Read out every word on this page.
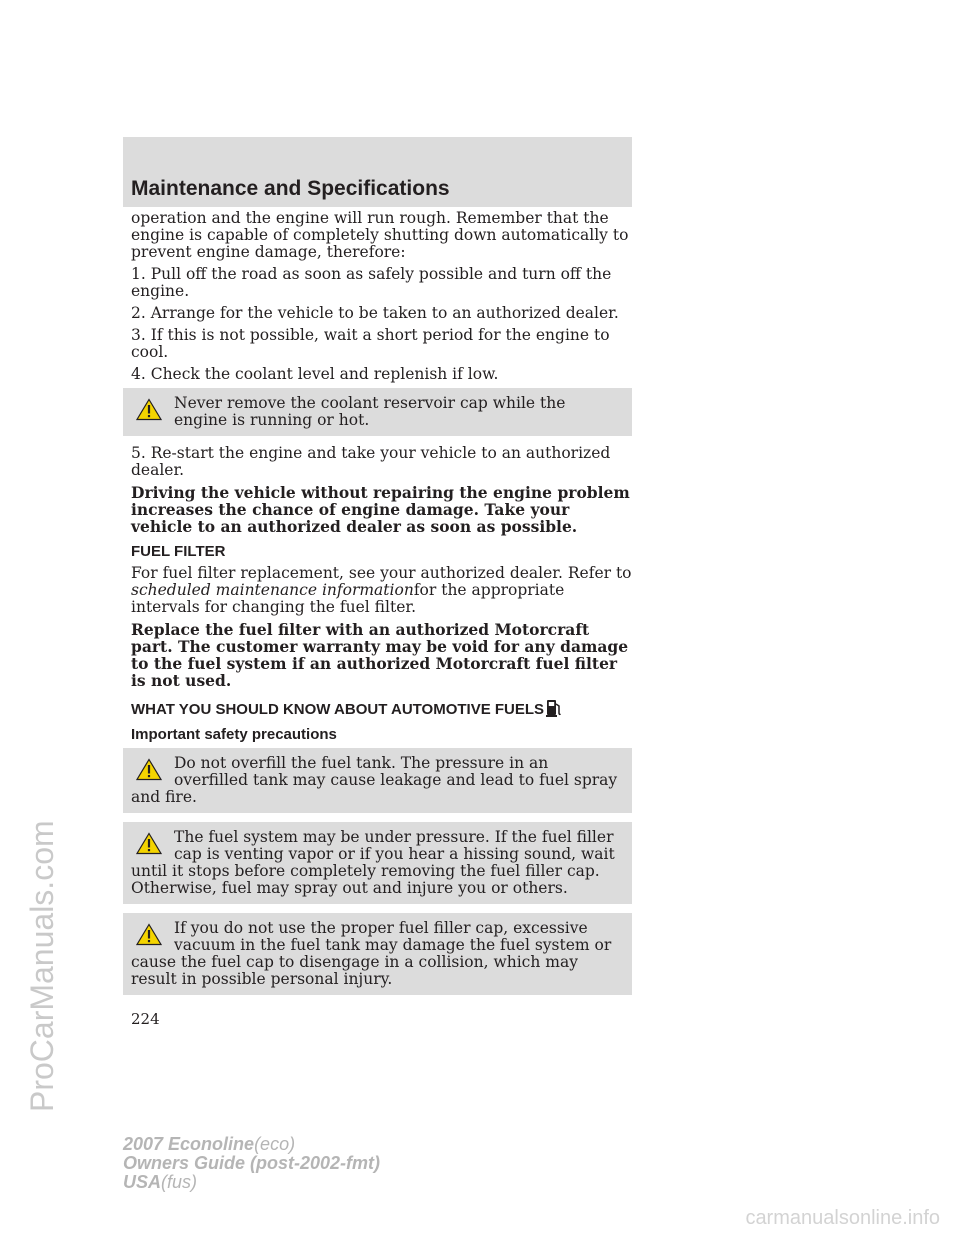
ProCarManuals.com
Maintenance and Specifications

operation and the engine will run rough. Remember that the engine is capable of completely shutting down automatically to prevent engine damage, therefore:

1. Pull off the road as soon as safely possible and turn off the engine.

2. Arrange for the vehicle to be taken to an authorized dealer.

3. If this is not possible, wait a short period for the engine to cool.

4. Check the coolant level and replenish if low.

Never remove the coolant reservoir cap while the engine is running or hot.

5. Re-start the engine and take your vehicle to an authorized dealer.

Driving the vehicle without repairing the engine problem increases the chance of engine damage. Take your vehicle to an authorized dealer as soon as possible.

FUEL FILTER

For fuel filter replacement, see your authorized dealer. Refer to scheduled maintenance informationfor the appropriate intervals for changing the fuel filter.

Replace the fuel filter with an authorized Motorcraft part. The customer warranty may be void for any damage to the fuel system if an authorized Motorcraft fuel filter is not used.

WHAT YOU SHOULD KNOW ABOUT AUTOMOTIVE FUELS
Important safety precautions
Do not overfill the fuel tank. The pressure in an overfilled tank may cause leakage and lead to fuel spray and fire.
The fuel system may be under pressure. If the fuel filler cap is venting vapor or if you hear a hissing sound, wait until it stops before completely removing the fuel filler cap. Otherwise, fuel may spray out and injure you or others.
If you do not use the proper fuel filler cap, excessive vacuum in the fuel tank may damage the fuel system or cause the fuel cap to disengage in a collision, which may result in possible personal injury.
224
2007 Econoline(eco)
Owners Guide (post-2002-fmt)
USA(fus)
carmanualsonline.info
